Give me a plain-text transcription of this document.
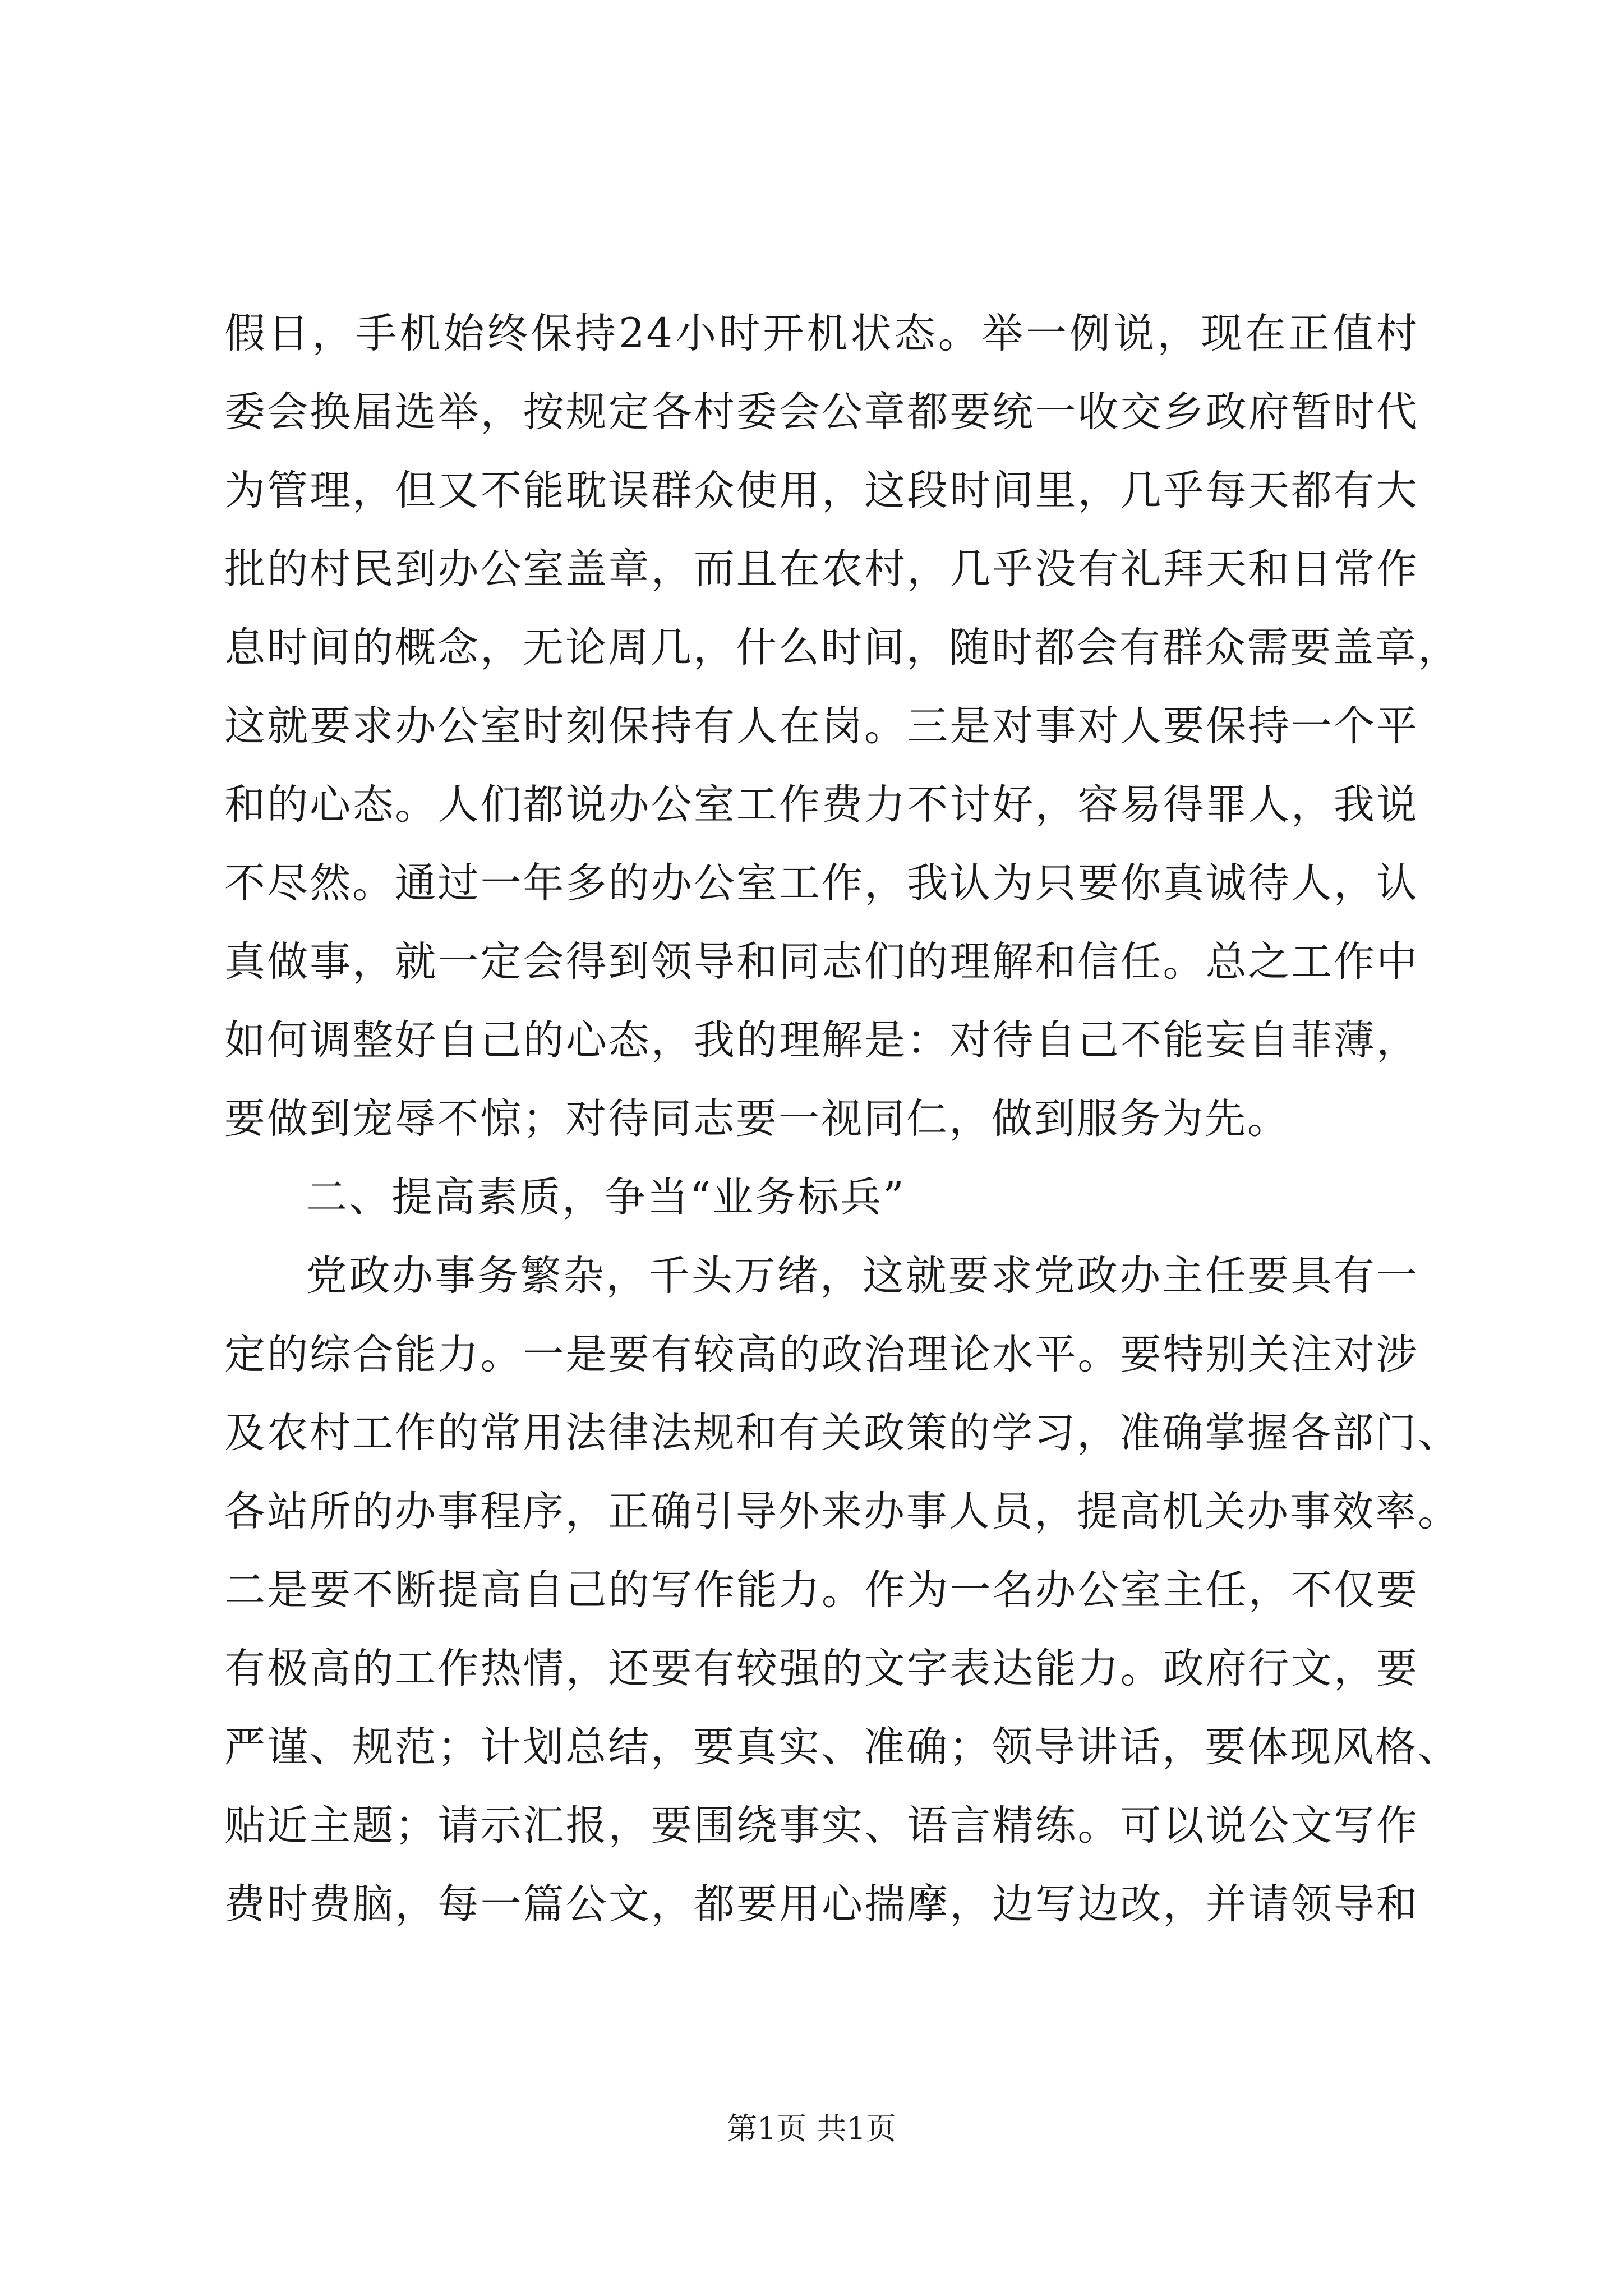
假日，手机始终保持24小时开机状态。举一例说，现在正值村
委会换届选举，按规定各村委会公章都要统一收交乡政府暂时代
为管理，但又不能耽误群众使用，这段时间里，几乎每天都有大
批的村民到办公室盖章，而且在农村，几乎没有礼拜天和日常作
息时间的概念，无论周几，什么时间，随时都会有群众需要盖章，
这就要求办公室时刻保持有人在岗。三是对事对人要保持一个平
和的心态。人们都说办公室工作费力不讨好，容易得罪人，我说
不尽然。通过一年多的办公室工作，我认为只要你真诚待人，认
真做事，就一定会得到领导和同志们的理解和信任。总之工作中
如何调整好自己的心态，我的理解是：对待自己不能妄自菲薄，
要做到宠辱不惊；对待同志要一视同仁，做到服务为先。
二、提高素质，争当“业务标兵”
党政办事务繁杂，千头万绪，这就要求党政办主任要具有一
定的综合能力。一是要有较高的政治理论水平。要特别关注对涉
及农村工作的常用法律法规和有关政策的学习，准确掌握各部门、
各站所的办事程序，正确引导外来办事人员，提高机关办事效率。
二是要不断提高自己的写作能力。作为一名办公室主任，不仅要
有极高的工作热情，还要有较强的文字表达能力。政府行文，要
严谨、规范；计划总结，要真实、准确；领导讲话，要体现风格、
贴近主题；请示汇报，要围绕事实、语言精练。可以说公文写作
费时费脑，每一篇公文，都要用心揣摩，边写边改，并请领导和
第1页 共1页
